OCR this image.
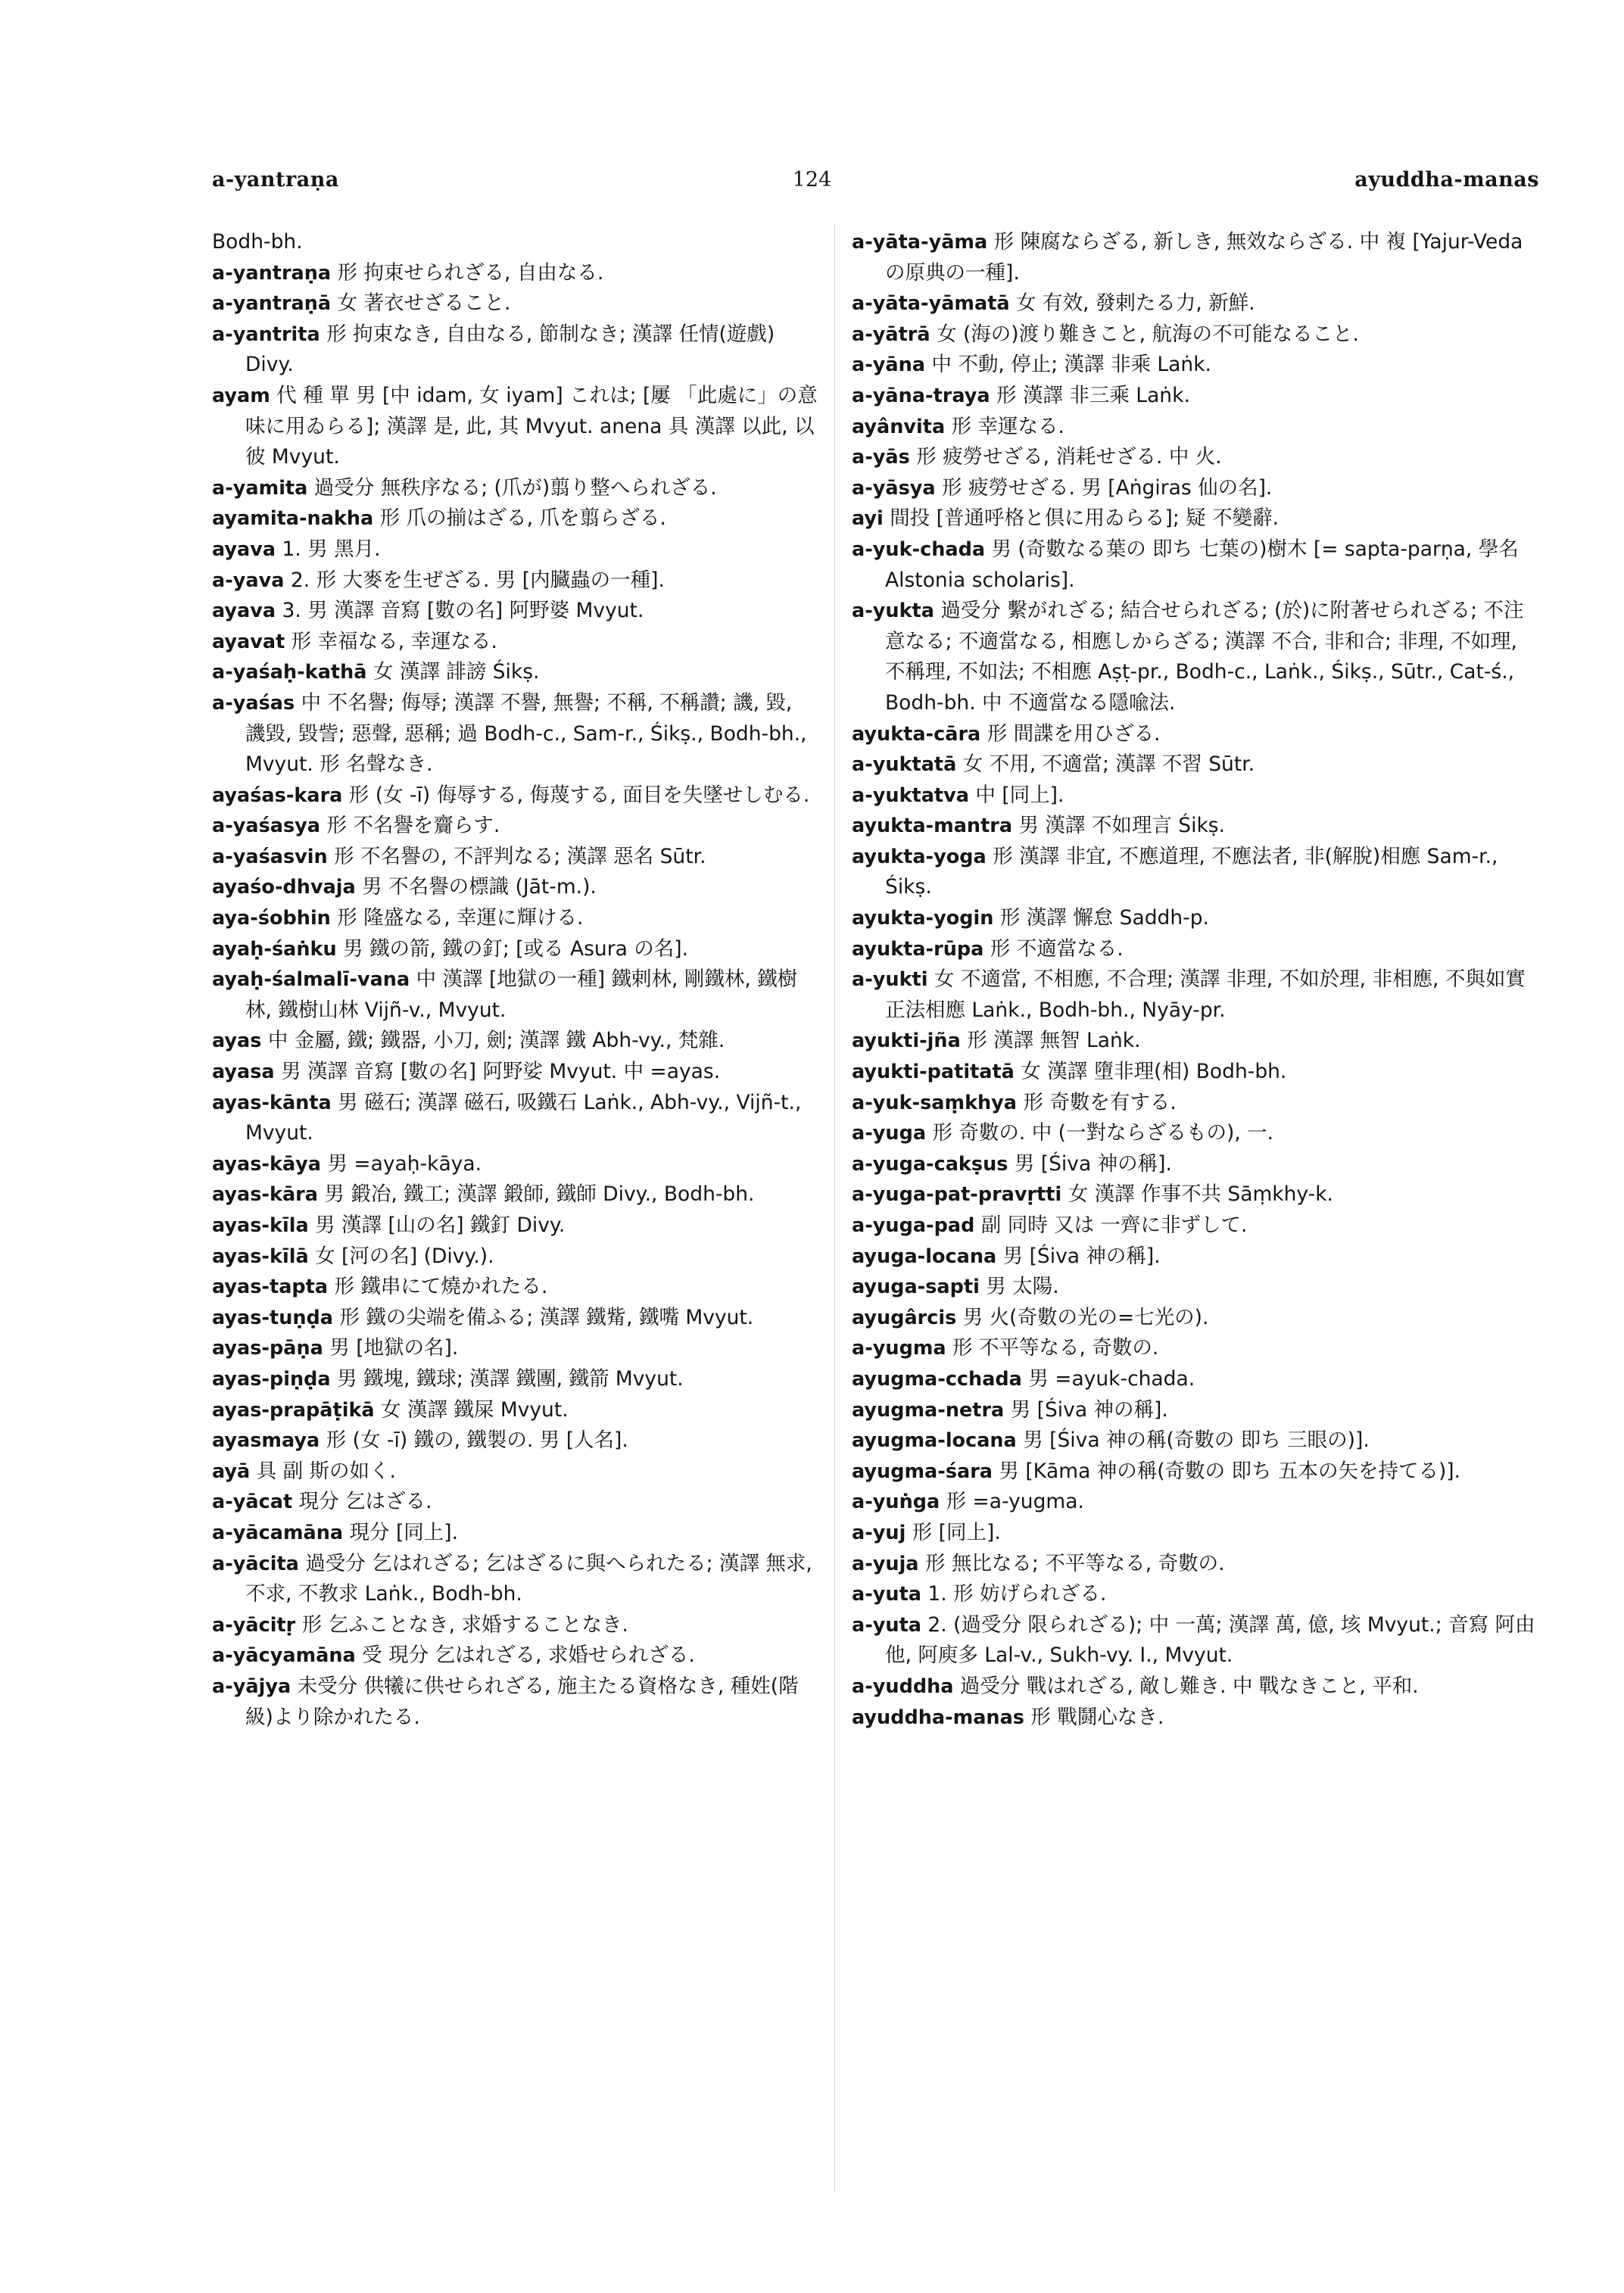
a-yantraṇa	124	ayuddha-manas

Bodh-bh.

a-yantraṇa 形 拘束せられざる, 自由なる.

a-yantraṇā 女 著衣せざること.

a-yantrita 形 拘束なき, 自由なる, 節制なき; 漢譯 任情(遊戲) Divy.

ayam 代 種 單 男 [中 idam, 女 iyam] これは; [屢 「此處に」の意味に用ゐらる]; 漢譯 是, 此, 其 Mvyut. anena 具 漢譯 以此, 以彼 Mvyut.

a-yamita 過受分 無秩序なる; (爪が)翦り整へられざる.

ayamita-nakha 形 爪の揃はざる, 爪を翦らざる.

ayava 1. 男 黑月.

a-yava 2. 形 大麥を生ぜざる. 男 [内臓蟲の一種].

ayava 3. 男 漢譯 音寫 [數の名] 阿野婆 Mvyut.

ayavat 形 幸福なる, 幸運なる.

a-yaśaḥ-kathā 女 漢譯 誹謗 Śikṣ.

a-yaśas 中 不名譽; 侮辱; 漢譯 不譽, 無譽; 不稱, 不稱讚; 譏, 毀, 譏毀, 毀訾; 惡聲, 惡稱; 過 Bodh-c., Sam-r., Śikṣ., Bodh-bh., Mvyut. 形 名聲なき.

ayaśas-kara 形 (女 -ī) 侮辱する, 侮蔑する, 面目を失墜せしむる.

a-yaśasya 形 不名譽を齎らす.

a-yaśasvin 形 不名譽の, 不評判なる; 漢譯 惡名 Sūtr.

ayaśo-dhvaja 男 不名譽の標識 (Jāt-m.).

aya-śobhin 形 隆盛なる, 幸運に輝ける.

ayaḥ-śaṅku 男 鐵の箭, 鐵の釘; [或る Asura の名].

ayaḥ-śalmalī-vana 中 漢譯 [地獄の一種] 鐵剌林, 剛鐵林, 鐵樹林, 鐵樹山林 Vijñ-v., Mvyut.

ayas 中 金屬, 鐵; 鐵器, 小刀, 劍; 漢譯 鐵 Abh-vy., 梵雜.

ayasa 男 漢譯 音寫 [數の名] 阿野娑 Mvyut. 中 =ayas.

ayas-kānta 男 磁石; 漢譯 磁石, 吸鐵石 Laṅk., Abh-vy., Vijñ-t., Mvyut.

ayas-kāya 男 =ayaḥ-kāya.

ayas-kāra 男 鍛冶, 鐵工; 漢譯 鍛師, 鐵師 Divy., Bodh-bh.

ayas-kīla 男 漢譯 [山の名] 鐵釘 Divy.

ayas-kīlā 女 [河の名] (Divy.).

ayas-tapta 形 鐵串にて燒かれたる.

ayas-tuṇḍa 形 鐵の尖端を備ふる; 漢譯 鐵觜, 鐵嘴 Mvyut.

ayas-pāṇa 男 [地獄の名].

ayas-piṇḍa 男 鐵塊, 鐵球; 漢譯 鐵團, 鐵箭 Mvyut.

ayas-prapāṭikā 女 漢譯 鐵屎 Mvyut.

ayasmaya 形 (女 -ī) 鐵の, 鐵製の. 男 [人名].

ayā 具 副 斯の如く.

a-yācat 現分 乞はざる.

a-yācamāna 現分 [同上].

a-yācita 過受分 乞はれざる; 乞はざるに與へられたる; 漢譯 無求, 不求, 不教求 Laṅk., Bodh-bh.

a-yācitṛ 形 乞ふことなき, 求婚することなき.

a-yācyamāna 受 現分 乞はれざる, 求婚せられざる.

a-yājya 未受分 供犧に供せられざる, 施主たる資格なき, 種姓(階級)より除かれたる.

a-yāta-yāma 形 陳腐ならざる, 新しき, 無效ならざる. 中 複 [Yajur-Veda の原典の一種].

a-yāta-yāmatā 女 有效, 發剌たる力, 新鮮.

a-yātrā 女 (海の)渡り難きこと, 航海の不可能なること.

a-yāna 中 不動, 停止; 漢譯 非乘 Laṅk.

a-yāna-traya 形 漢譯 非三乘 Laṅk.

ayânvita 形 幸運なる.

a-yās 形 疲勞せざる, 消耗せざる. 中 火.

a-yāsya 形 疲勞せざる. 男 [Aṅgiras 仙の名].

ayi 間投 [普通呼格と倶に用ゐらる]; 疑 不變辭.

a-yuk-chada 男 (奇數なる葉の 即ち 七葉の)樹木 [= sapta-parṇa, 學名 Alstonia scholaris].

a-yukta 過受分 繫がれざる; 結合せられざる; (於)に附著せられざる; 不注意なる; 不適當なる, 相應しからざる; 漢譯 不合, 非和合; 非理, 不如理, 不稱理, 不如法; 不相應 Aṣṭ-pr., Bodh-c., Laṅk., Śikṣ., Sūtr., Cat-ś., Bodh-bh. 中 不適當なる隱喩法.

ayukta-cāra 形 間諜を用ひざる.

a-yuktatā 女 不用, 不適當; 漢譯 不習 Sūtr.

a-yuktatva 中 [同上].

ayukta-mantra 男 漢譯 不如理言 Śikṣ.

ayukta-yoga 形 漢譯 非宜, 不應道理, 不應法者, 非(解脫)相應 Sam-r., Śikṣ.

ayukta-yogin 形 漢譯 懈怠 Saddh-p.

ayukta-rūpa 形 不適當なる.

a-yukti 女 不適當, 不相應, 不合理; 漢譯 非理, 不如於理, 非相應, 不與如實正法相應 Laṅk., Bodh-bh., Nyāy-pr.

ayukti-jña 形 漢譯 無智 Laṅk.

ayukti-patitatā 女 漢譯 墮非理(相) Bodh-bh.

a-yuk-saṃkhya 形 奇數を有する.

a-yuga 形 奇數の. 中 (一對ならざるもの), 一.

a-yuga-cakṣus 男 [Śiva 神の稱].

a-yuga-pat-pravṛtti 女 漢譯 作事不共 Sāṃkhy-k.

a-yuga-pad 副 同時 又は 一齊に非ずして.

ayuga-locana 男 [Śiva 神の稱].

ayuga-sapti 男 太陽.

ayugârcis 男 火(奇數の光の=七光の).

a-yugma 形 不平等なる, 奇數の.

ayugma-cchada 男 =ayuk-chada.

ayugma-netra 男 [Śiva 神の稱].

ayugma-locana 男 [Śiva 神の稱(奇數の 即ち 三眼の)].

ayugma-śara 男 [Kāma 神の稱(奇數の 即ち 五本の矢を持てる)].

a-yuṅga 形 =a-yugma.

a-yuj 形 [同上].

a-yuja 形 無比なる; 不平等なる, 奇數の.

a-yuta 1. 形 妨げられざる.

a-yuta 2. (過受分 限られざる); 中 一萬; 漢譯 萬, 億, 垓 Mvyut.; 音寫 阿由他, 阿庾多 Lal-v., Sukh-vy. I., Mvyut.

a-yuddha 過受分 戰はれざる, 敵し難き. 中 戰なきこと, 平和.

ayuddha-manas 形 戰鬪心なき.
